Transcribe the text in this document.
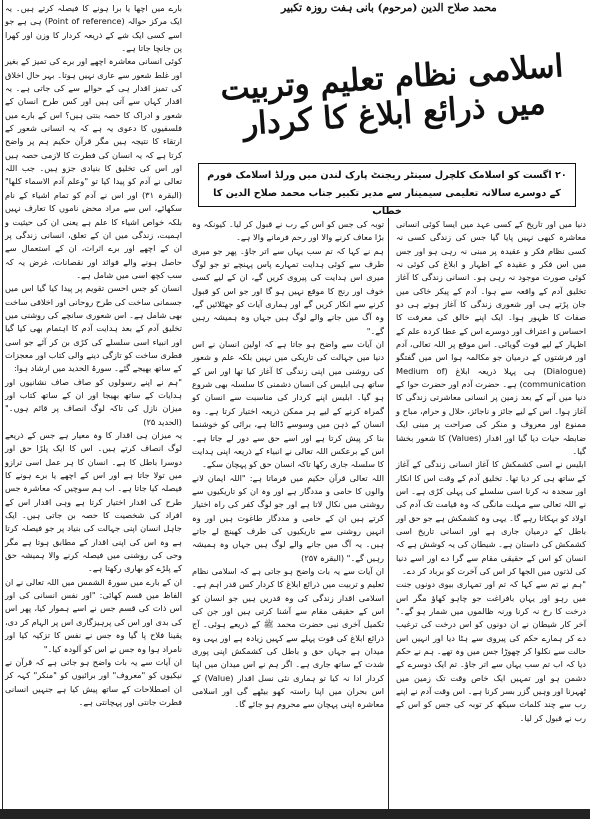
بارے میں اچھا یا برا ہونے کا فیصلہ کرتے ہیں۔ یہ ایک مرکز حوالہ (Point of reference) ہی ہے جو اسے کسی ایک شے کے ذریعہ کردار کا وزن اور کھرا پن جانچا جاتا ہے۔

کوئی انسانی معاشرہ اچھے اور برے کی تمیز کے بغیر اور غلط شعور سے عاری نہیں ہوتا۔ بہر حال اخلاق کی تمیز اقدار ہی کے حوالے سے کی جاتی ہے۔ یہ اقدار کہاں سے آتی ہیں اور کس طرح انسان کے شعور و ادراک کا حصہ بنتی ہیں؟ اس کے بارے میں فلسفیوں کا دعوی یہ ہے کہ یہ انسانی شعور کے ارتقاء کا نتیجہ ہیں مگر قرآن حکیم ہم پر واضح کرتا ہے کہ یہ انسان کی فطرت کا لازمی حصہ ہیں اور اس کی تخلیق کا بنیادی جزو ہیں۔ جب اللہ تعالی نے آدم کو پیدا کیا تو "وعلم آدم الاسماء کلھا" (البقرہ ۳۱) اور اس نے آدم کو تمام اشیاء کے نام سکھائے، اس سے مراد محض ناموں کا تعارف نہیں بلکہ خواص اشیاء کا علم ہے یعنی ان کی حیثیت و اہمیت، زندگی میں ان کے تعلق، انسانی زندگی پر ان کے اچھے اور برے اثرات، ان کے استعمال سے حاصل ہونے والے فوائد اور نقصانات، غرض یہ کہ سب کچھ اسی میں شامل ہے۔

انسان کو جس احسن تقویم پر پیدا کیا گیا اس میں جسمانی ساخت کی طرح روحانی اور اخلاقی ساخت بھی شامل ہے۔ اس شعوری سانچے کی روشنی میں تخلیق آدم کے بعد ہدایت آدم کا اہتمام بھی کیا گیا اور انبیاء اسی سلسلے کی کڑی بن کر آئے جو اسی فطری ساخت کو تازگی دینے والی کتاب اور معجزات کے ساتھ بھیجے گئے۔ سورۃ الحدید میں ارشاد ہوا:

"ہم نے اپنے رسولوں کو صاف صاف نشانیوں اور ہدایات کے ساتھ بھیجا اور ان کے ساتھ کتاب اور میزان نازل کی تاکہ لوگ انصاف پر قائم ہوں۔" (الحدید ۲۵)

یہ میزان ہی اقدار کا وہ معیار ہے جس کے ذریعے لوگ انصاف کرتے ہیں۔ اس کا ایک پلڑا حق اور دوسرا باطل کا ہے۔ انسان کا ہر عمل اسی ترازو میں تولا جاتا ہے اور اس کے اچھے یا برے ہونے کا فیصلہ کیا جاتا ہے۔ اب ہم سوچیں کہ معاشرہ جس طرح کی اقدار اختیار کرتا ہے وہی اقدار اس کے افراد کی شخصیت کا حصہ بن جاتی ہیں۔ ایک جاہل انسان اپنی جہالت کی بنیاد پر جو فیصلہ کرتا ہے وہ اس کی اپنی اقدار کے مطابق ہوتا ہے مگر وحی کی روشنی میں فیصلہ کرنے والا ہمیشہ حق کے پلڑے کو بھاری رکھتا ہے۔

ان کے بارے میں سورۃ الشمس میں اللہ تعالی نے ان الفاظ میں قسم کھائی: "اور نفس انسانی کی اور اس ذات کی قسم جس نے اسے ہموار کیا، پھر اس کی بدی اور اس کی پرہیزگاری اس پر الہام کر دی، یقینا فلاح پا گیا وہ جس نے نفس کا تزکیہ کیا اور نامراد ہوا وہ جس نے اس کو آلودہ کیا۔"

ان آیات سے یہ بات واضح ہو جاتی ہے کہ قرآن نے نیکیوں کو "معروف" اور برائیوں کو "منکر" کہہ کر ان اصطلاحات کے ساتھ پیش کیا ہے جنہیں انسانی فطرت جانتی اور پہچانتی ہے۔

محمد صلاح الدین (مرحوم) بانی ہفت روزہ تکبیر
اسلامی نظام تعلیم وتربیت میں ذرائع ابلاغ کا کردار
۲۰ اگست کو اسلامک کلچرل سینٹر ریجنٹ پارک لندن میں ورلڈ اسلامک فورم کے دوسرے سالانہ تعلیمی سیمینار سے مدیر تکبیر جناب محمد صلاح الدین کا خطاب

دنیا میں اور تاریخ کے کسی عہد میں ایسا کوئی انسانی معاشرہ کبھی نہیں پایا گیا جس کی زندگی کسی نہ کسی نظام فکر و عقیدہ پر مبنی نہ رہی ہو اور جس میں اس فکر و عقیدہ کے اظہار و ابلاغ کی کوئی نہ کوئی صورت موجود نہ رہی ہو۔ انسانی زندگی کا آغاز تخلیق آدم کے واقعہ سے ہوا۔ آدم کے پیکر خاکی میں جان پڑتے ہی اور شعوری زندگی کا آغاز ہوتے ہی دو صفات کا ظہور ہوا۔ ایک اپنے خالق کی معرفت کا احساس و اعتراف اور دوسرے اس کے عطا کردہ علم کے اظہار کے لیے قوت گویائی۔ اس موقع پر اللہ تعالی، آدم اور فرشتوں کے درمیان جو مکالمہ ہوا اس میں گفتگو (Dialogue) ہی پہلا ذریعہ ابلاغ (Medium of communication) ہے۔ حضرت آدم اور حضرت حوا کے دنیا میں آنے کے بعد زمین پر انسانی معاشرتی زندگی کا آغاز ہوا۔ اس کے لیے جائز و ناجائز، حلال و حرام، مباح و ممنوع اور معروف و منکر کی صراحت پر مبنی ایک ضابطہ حیات دیا گیا اور اقدار (Values) کا شعور بخشا گیا۔

ابلیس نے اسی کشمکش کا آغاز انسانی زندگی کے آغاز کے ساتھ ہی کر دیا تھا۔ تخلیق آدم کے وقت اس کا انکار اور سجدہ نہ کرنا اسی سلسلے کی پہلی کڑی ہے۔ اس نے اللہ تعالی سے مہلت مانگی کہ وہ قیامت تک آدم کی اولاد کو بہکاتا رہے گا۔ یہی وہ کشمکش ہے جو حق اور باطل کے درمیان جاری ہے اور انسانی تاریخ اسی کشمکش کی داستان ہے۔ شیطان کی یہ کوشش ہے کہ انسان کو اس کے حقیقی مقام سے گرا دے اور اسے دنیا کی لذتوں میں الجھا کر اس کی آخرت کو برباد کر دے۔

"ہم نے تم سے کہا کہ تم اور تمہاری بیوی دونوں جنت میں رہو اور یہاں بافراغت جو چاہو کھاؤ مگر اس درخت کا رخ نہ کرنا ورنہ ظالموں میں شمار ہو گے۔" آخر کار شیطان نے ان دونوں کو اس درخت کی ترغیب دے کر ہمارے حکم کی پیروی سے ہٹا دیا اور انہیں اس حالت سے نکلوا کر چھوڑا جس میں وہ تھے۔ ہم نے حکم دیا کہ اب تم سب یہاں سے اتر جاؤ۔ تم ایک دوسرے کے دشمن ہو اور تمہیں ایک خاص وقت تک زمین میں ٹھہرنا اور وہیں گزر بسر کرنا ہے۔ اس وقت آدم نے اپنے رب سے چند کلمات سیکھ کر توبہ کی جس کو اس کے رب نے قبول کر لیا۔

توبہ کی جس کو اس کے رب نے قبول کر لیا۔ کیونکہ وہ بڑا معاف کرنے والا اور رحم فرمانے والا ہے۔

ہم نے کہا کہ تم سب یہاں سے اتر جاؤ۔ پھر جو میری طرف سے کوئی ہدایت تمہارے پاس پہنچے تو جو لوگ میری اس ہدایت کی پیروی کریں گے، ان کے لیے کسی خوف اور رنج کا موقع نہیں ہو گا اور جو اس کو قبول کرنے سے انکار کریں گے اور ہماری آیات کو جھٹلائیں گے، وہ آگ میں جانے والے لوگ ہیں جہاں وہ ہمیشہ رہیں گے۔"

ان آیات سے واضح ہو جاتا ہے کہ اولین انسان نے اس دنیا میں جہالت کی تاریکی میں نہیں بلکہ علم و شعور کی روشنی میں اپنی زندگی کا آغاز کیا تھا اور اس کے ساتھ ہی ابلیس کی انسان دشمنی کا سلسلہ بھی شروع ہو گیا۔ ابلیس اپنے کردار کی مناسبت سے انسان کو گمراہ کرنے کے لیے ہر ممکن ذریعہ اختیار کرتا ہے۔ وہ انسان کے ذہن میں وسوسے ڈالتا ہے، برائی کو خوشنما بنا کر پیش کرتا ہے اور اسے حق سے دور لے جاتا ہے۔ اس کے برعکس اللہ تعالی نے انبیاء کے ذریعہ اپنی ہدایت کا سلسلہ جاری رکھا تاکہ انسان حق کو پہچان سکے۔

اللہ تعالی قرآن حکیم میں فرماتا ہے: "اللہ ایمان لانے والوں کا حامی و مددگار ہے اور وہ ان کو تاریکیوں سے روشنی میں نکال لاتا ہے اور جو لوگ کفر کی راہ اختیار کرتے ہیں ان کے حامی و مددگار طاغوت ہیں اور وہ انہیں روشنی سے تاریکیوں کی طرف کھینچ لے جاتے ہیں۔ یہ آگ میں جانے والے لوگ ہیں جہاں وہ ہمیشہ رہیں گے۔" (البقرہ ۲۵۷)

ان آیات سے یہ بات واضح ہو جاتی ہے کہ اسلامی نظام تعلیم و تربیت میں ذرائع ابلاغ کا کردار کس قدر اہم ہے۔ اسلامی اقدار زندگی کی وہ قدریں ہیں جو انسان کو اس کے حقیقی مقام سے آشنا کرتی ہیں اور جن کی تکمیل آخری نبی حضرت محمد ﷺ کے ذریعے ہوئی۔ آج ذرائع ابلاغ کی قوت پہلے سے کہیں زیادہ ہے اور یہی وہ میدان ہے جہاں حق و باطل کی کشمکش اپنی پوری شدت کے ساتھ جاری ہے۔ اگر ہم نے اس میدان میں اپنا کردار ادا نہ کیا تو ہماری نئی نسل اقدار (Value) کے اس بحران میں اپنا راستہ کھو بیٹھے گی اور اسلامی معاشرہ اپنی پہچان سے محروم ہو جائے گا۔
